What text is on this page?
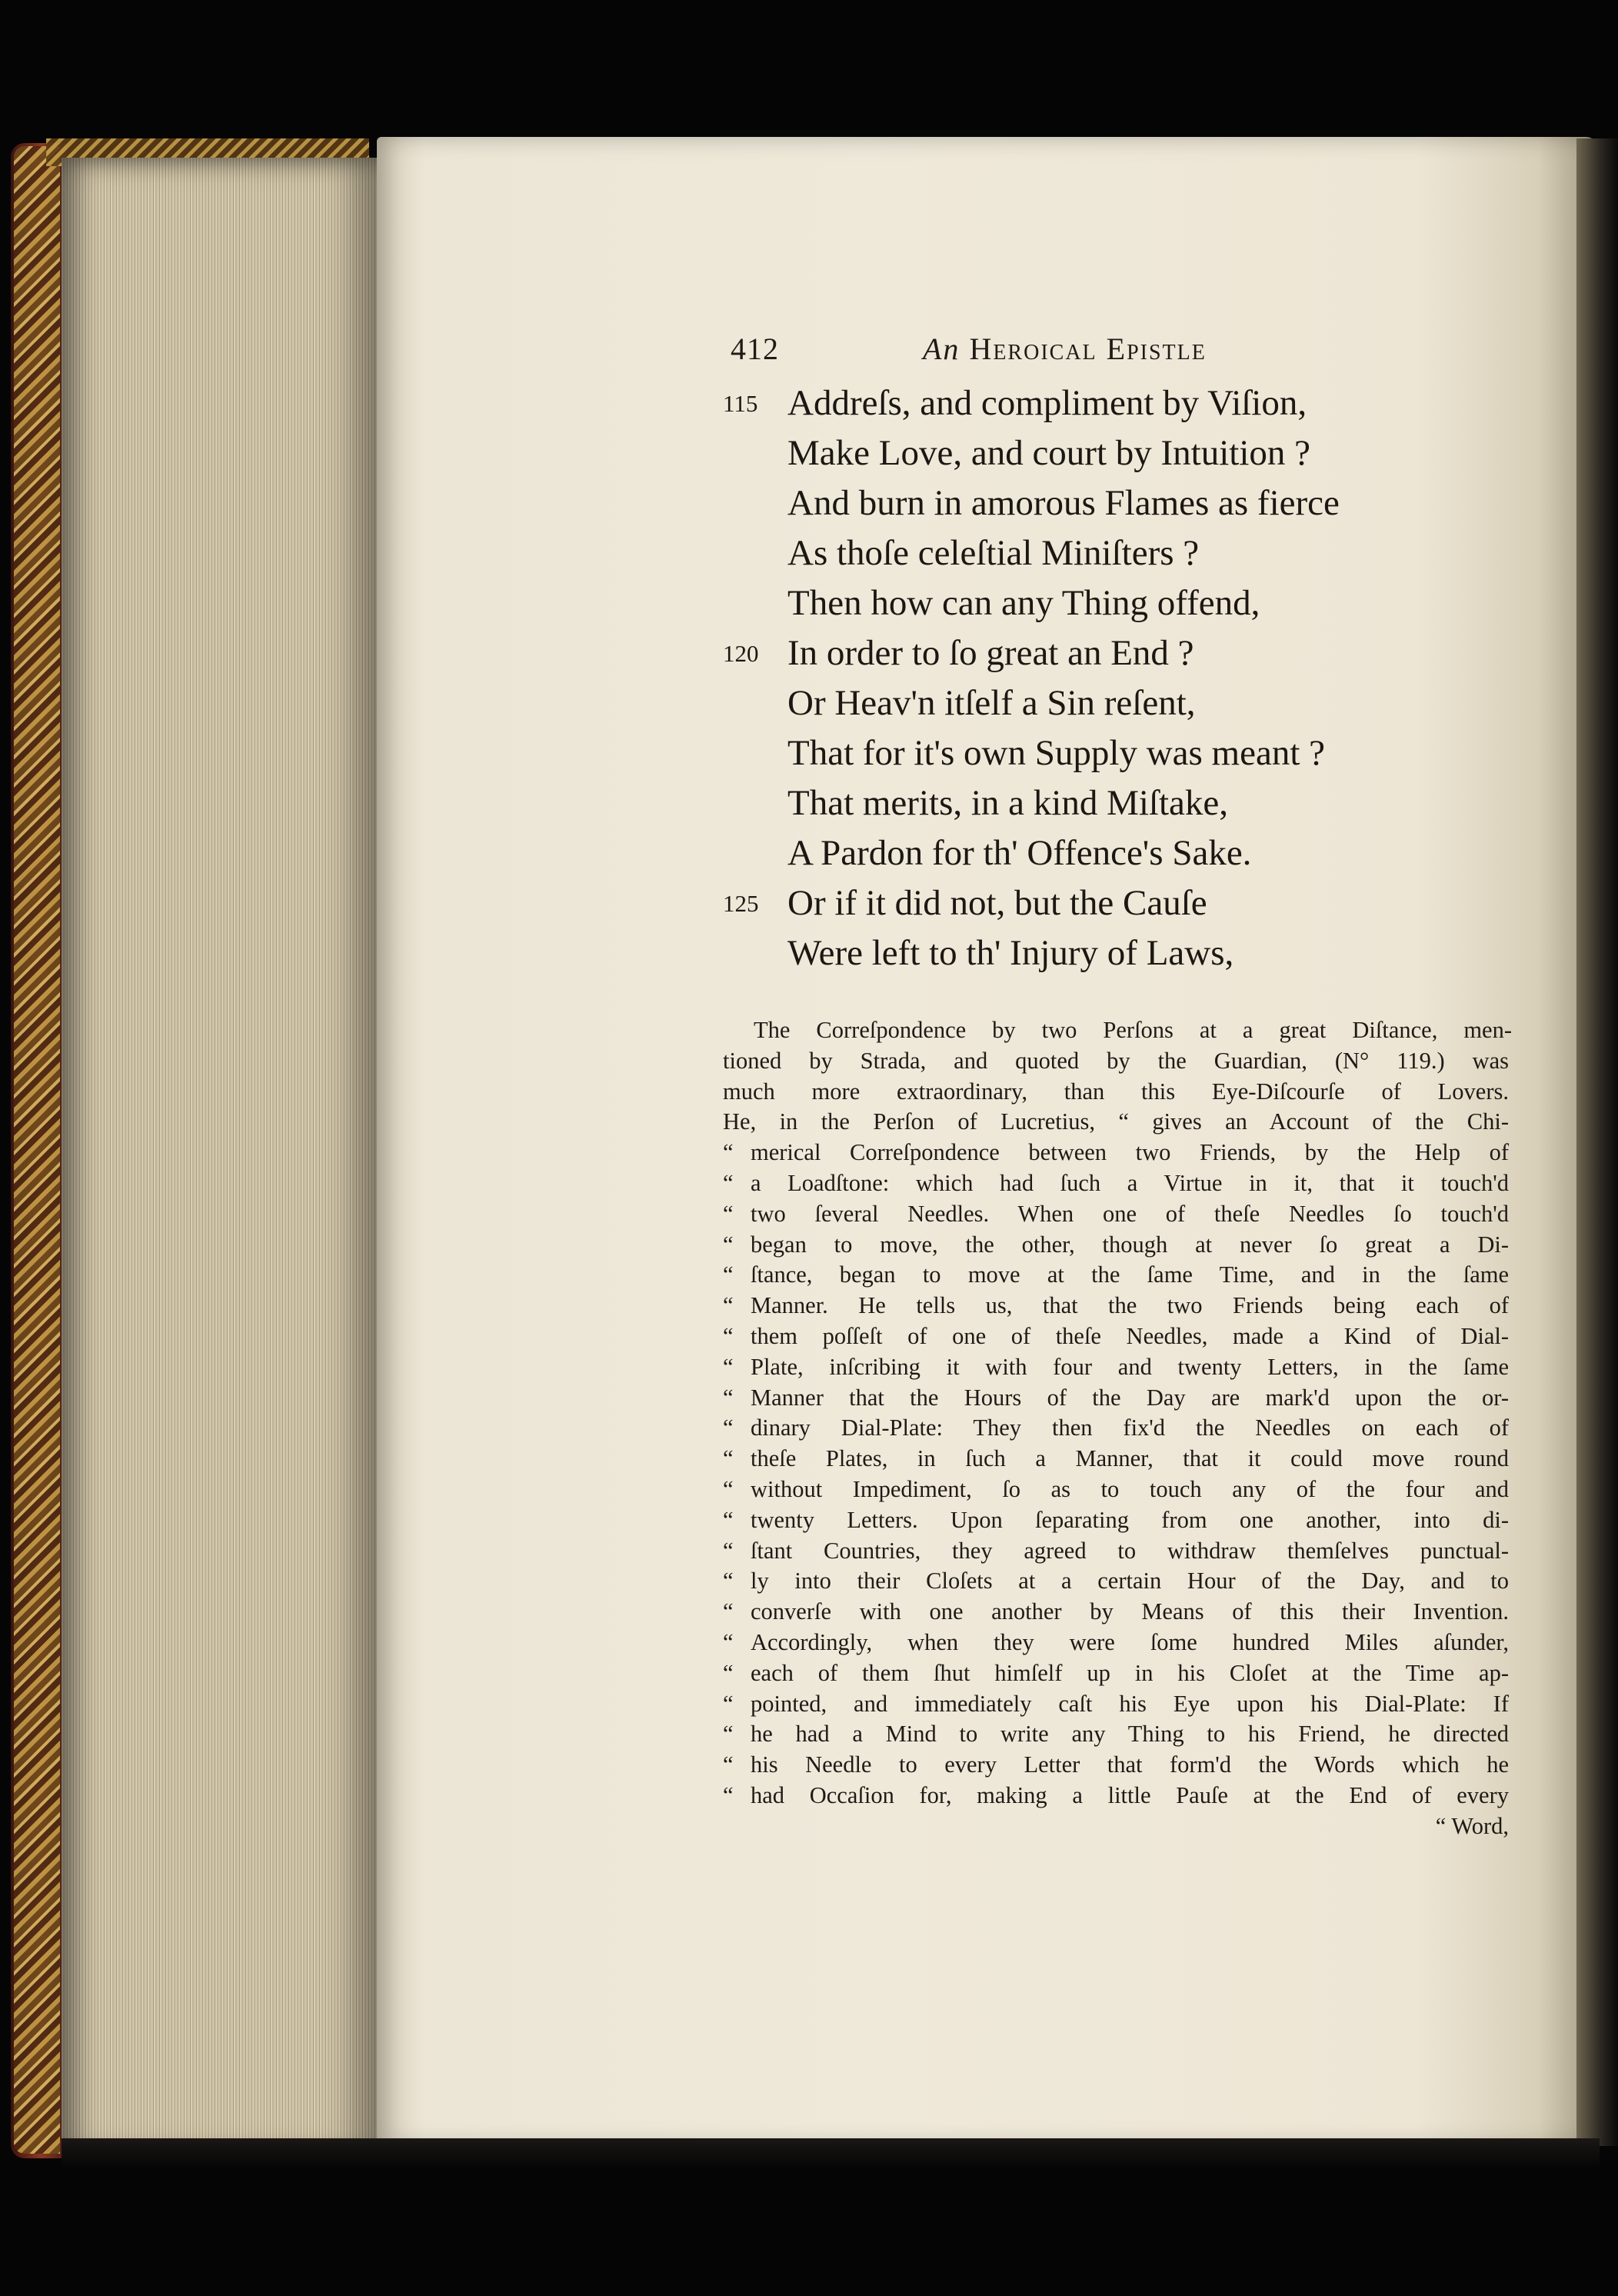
412	An Heroical Epistle
115 Addreſs, and compliment by Viſion,
Make Love, and court by Intuition ?
And burn in amorous Flames as fierce
As thoſe celeſtial Miniſters ?
Then how can any Thing offend,
120 In order to ſo great an End ?
Or Heav'n itſelf a Sin reſent,
That for it's own Supply was meant ?
That merits, in a kind Miſtake,
A Pardon for th' Offence's Sake.
125 Or if it did not, but the Cauſe
Were left to th' Injury of Laws,
The Correſpondence by two Perſons at a great Diſtance, men-
tioned by Strada, and quoted by the Guardian, (N° 119.) was
much more extraordinary, than this Eye-Diſcourſe of Lovers.
He, in the Perſon of Lucretius, “ gives an Account of the Chi-
“ merical Correſpondence between two Friends, by the Help of
“ a Loadſtone: which had ſuch a Virtue in it, that it touch'd
“ two ſeveral Needles. When one of theſe Needles ſo touch'd
“ began to move, the other, though at never ſo great a Di-
“ ſtance, began to move at the ſame Time, and in the ſame
“ Manner. He tells us, that the two Friends being each of
“ them poſſeſt of one of theſe Needles, made a Kind of Dial-
“ Plate, inſcribing it with four and twenty Letters, in the ſame
“ Manner that the Hours of the Day are mark'd upon the or-
“ dinary Dial-Plate: They then fix'd the Needles on each of
“ theſe Plates, in ſuch a Manner, that it could move round
“ without Impediment, ſo as to touch any of the four and
“ twenty Letters. Upon ſeparating from one another, into di-
“ ſtant Countries, they agreed to withdraw themſelves punctual-
“ ly into their Cloſets at a certain Hour of the Day, and to
“ converſe with one another by Means of this their Invention.
“ Accordingly, when they were ſome hundred Miles aſunder,
“ each of them ſhut himſelf up in his Cloſet at the Time ap-
“ pointed, and immediately caſt his Eye upon his Dial-Plate: If
“ he had a Mind to write any Thing to his Friend, he directed
“ his Needle to every Letter that form'd the Words which he
“ had Occaſion for, making a little Pauſe at the End of every
“ Word,
